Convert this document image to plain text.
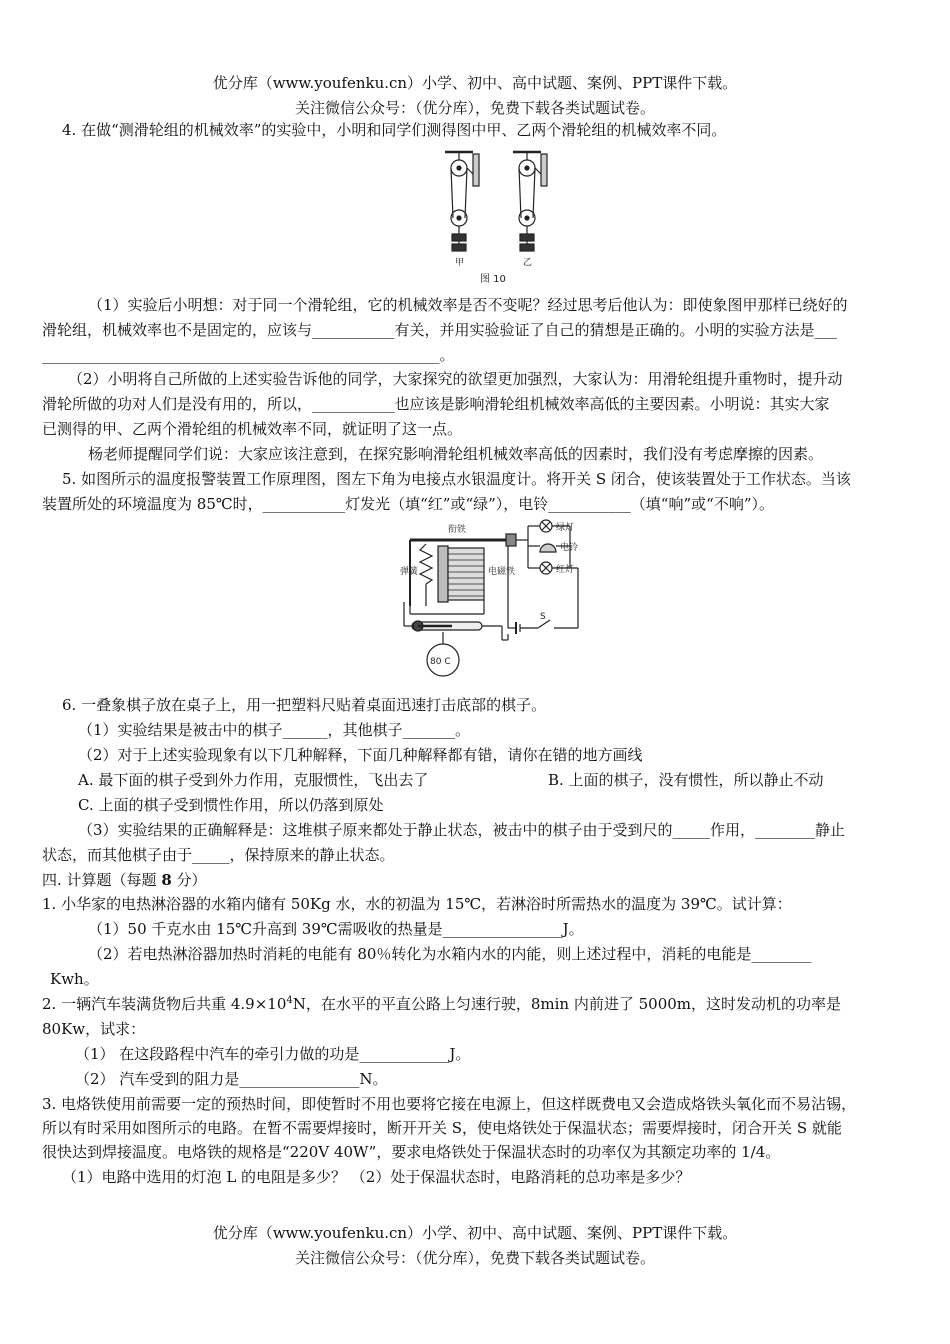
优分库（www.youfenku.cn）小学、初中、高中试题、案例、PPT课件下载。
关注微信公众号：（优分库），免费下载各类试题试卷。
4. 在做“测滑轮组的机械效率”的实验中，小明和同学们测得图中甲、乙两个滑轮组的机械效率不同。
甲	乙
图 10
（1）实验后小明想：对于同一个滑轮组，它的机械效率是否不变呢？经过思考后他认为：即使象图甲那样已绕好的
滑轮组，机械效率也不是固定的，应该与___________有关，并用实验验证了自己的猜想是正确的。小明的实验方法是___
_____________________________________________________。
（2）小明将自己所做的上述实验告诉他的同学，大家探究的欲望更加强烈，大家认为：用滑轮组提升重物时，提升动
滑轮所做的功对人们是没有用的，所以，___________也应该是影响滑轮组机械效率高低的主要因素。小明说：其实大家
已测得的甲、乙两个滑轮组的机械效率不同，就证明了这一点。
杨老师提醒同学们说：大家应该注意到，在探究影响滑轮组机械效率高低的因素时，我们没有考虑摩擦的因素。
5. 如图所示的温度报警装置工作原理图，图左下角为电接点水银温度计。将开关 S 闭合，使该装置处于工作状态。当该
装置所处的环境温度为 85℃时，___________灯发光（填“红”或“绿”），电铃___________（填“响”或“不响”）。
衔铁
弹簧	电磁铁
绿灯
电铃
红灯
S
80 C
6. 一叠象棋子放在桌子上，用一把塑料尺贴着桌面迅速打击底部的棋子。
（1）实验结果是被击中的棋子______，其他棋子_______。
（2）对于上述实验现象有以下几种解释，下面几种解释都有错，请你在错的地方画线
A. 最下面的棋子受到外力作用，克服惯性，飞出去了	B. 上面的棋子，没有惯性，所以静止不动
C. 上面的棋子受到惯性作用，所以仍落到原处
（3）实验结果的正确解释是：这堆棋子原来都处于静止状态，被击中的棋子由于受到尺的_____作用，________静止
状态，而其他棋子由于_____，保持原来的静止状态。
四. 计算题（每题 8 分）
1. 小华家的电热淋浴器的水箱内储有 50Kg 水，水的初温为 15℃，若淋浴时所需热水的温度为 39℃。试计算：
（1）50 千克水由 15℃升高到 39℃需吸收的热量是________________J。
（2）若电热淋浴器加热时消耗的电能有 80％转化为水箱内水的内能，则上述过程中，消耗的电能是________
Kwh。
2. 一辆汽车装满货物后共重 $4.9\times 10^4N$，在水平的平直公路上匀速行驶，8min 内前进了 5000m，这时发动机的功率是
80Kw，试求：
（1） 在这段路程中汽车的牵引力做的功是____________J。
（2） 汽车受到的阻力是________________N。
3. 电烙铁使用前需要一定的预热时间，即使暂时不用也要将它接在电源上，但这样既费电又会造成烙铁头氧化而不易沾锡，
所以有时采用如图所示的电路。在暂不需要焊接时，断开开关 S，使电烙铁处于保温状态；需要焊接时，闭合开关 S 就能
很快达到焊接温度。电烙铁的规格是“220V 40W”，要求电烙铁处于保温状态时的功率仅为其额定功率的 1/4。
（1）电路中选用的灯泡 L 的电阻是多少？ （2）处于保温状态时，电路消耗的总功率是多少？
优分库（www.youfenku.cn）小学、初中、高中试题、案例、PPT课件下载。
关注微信公众号：（优分库），免费下载各类试题试卷。
